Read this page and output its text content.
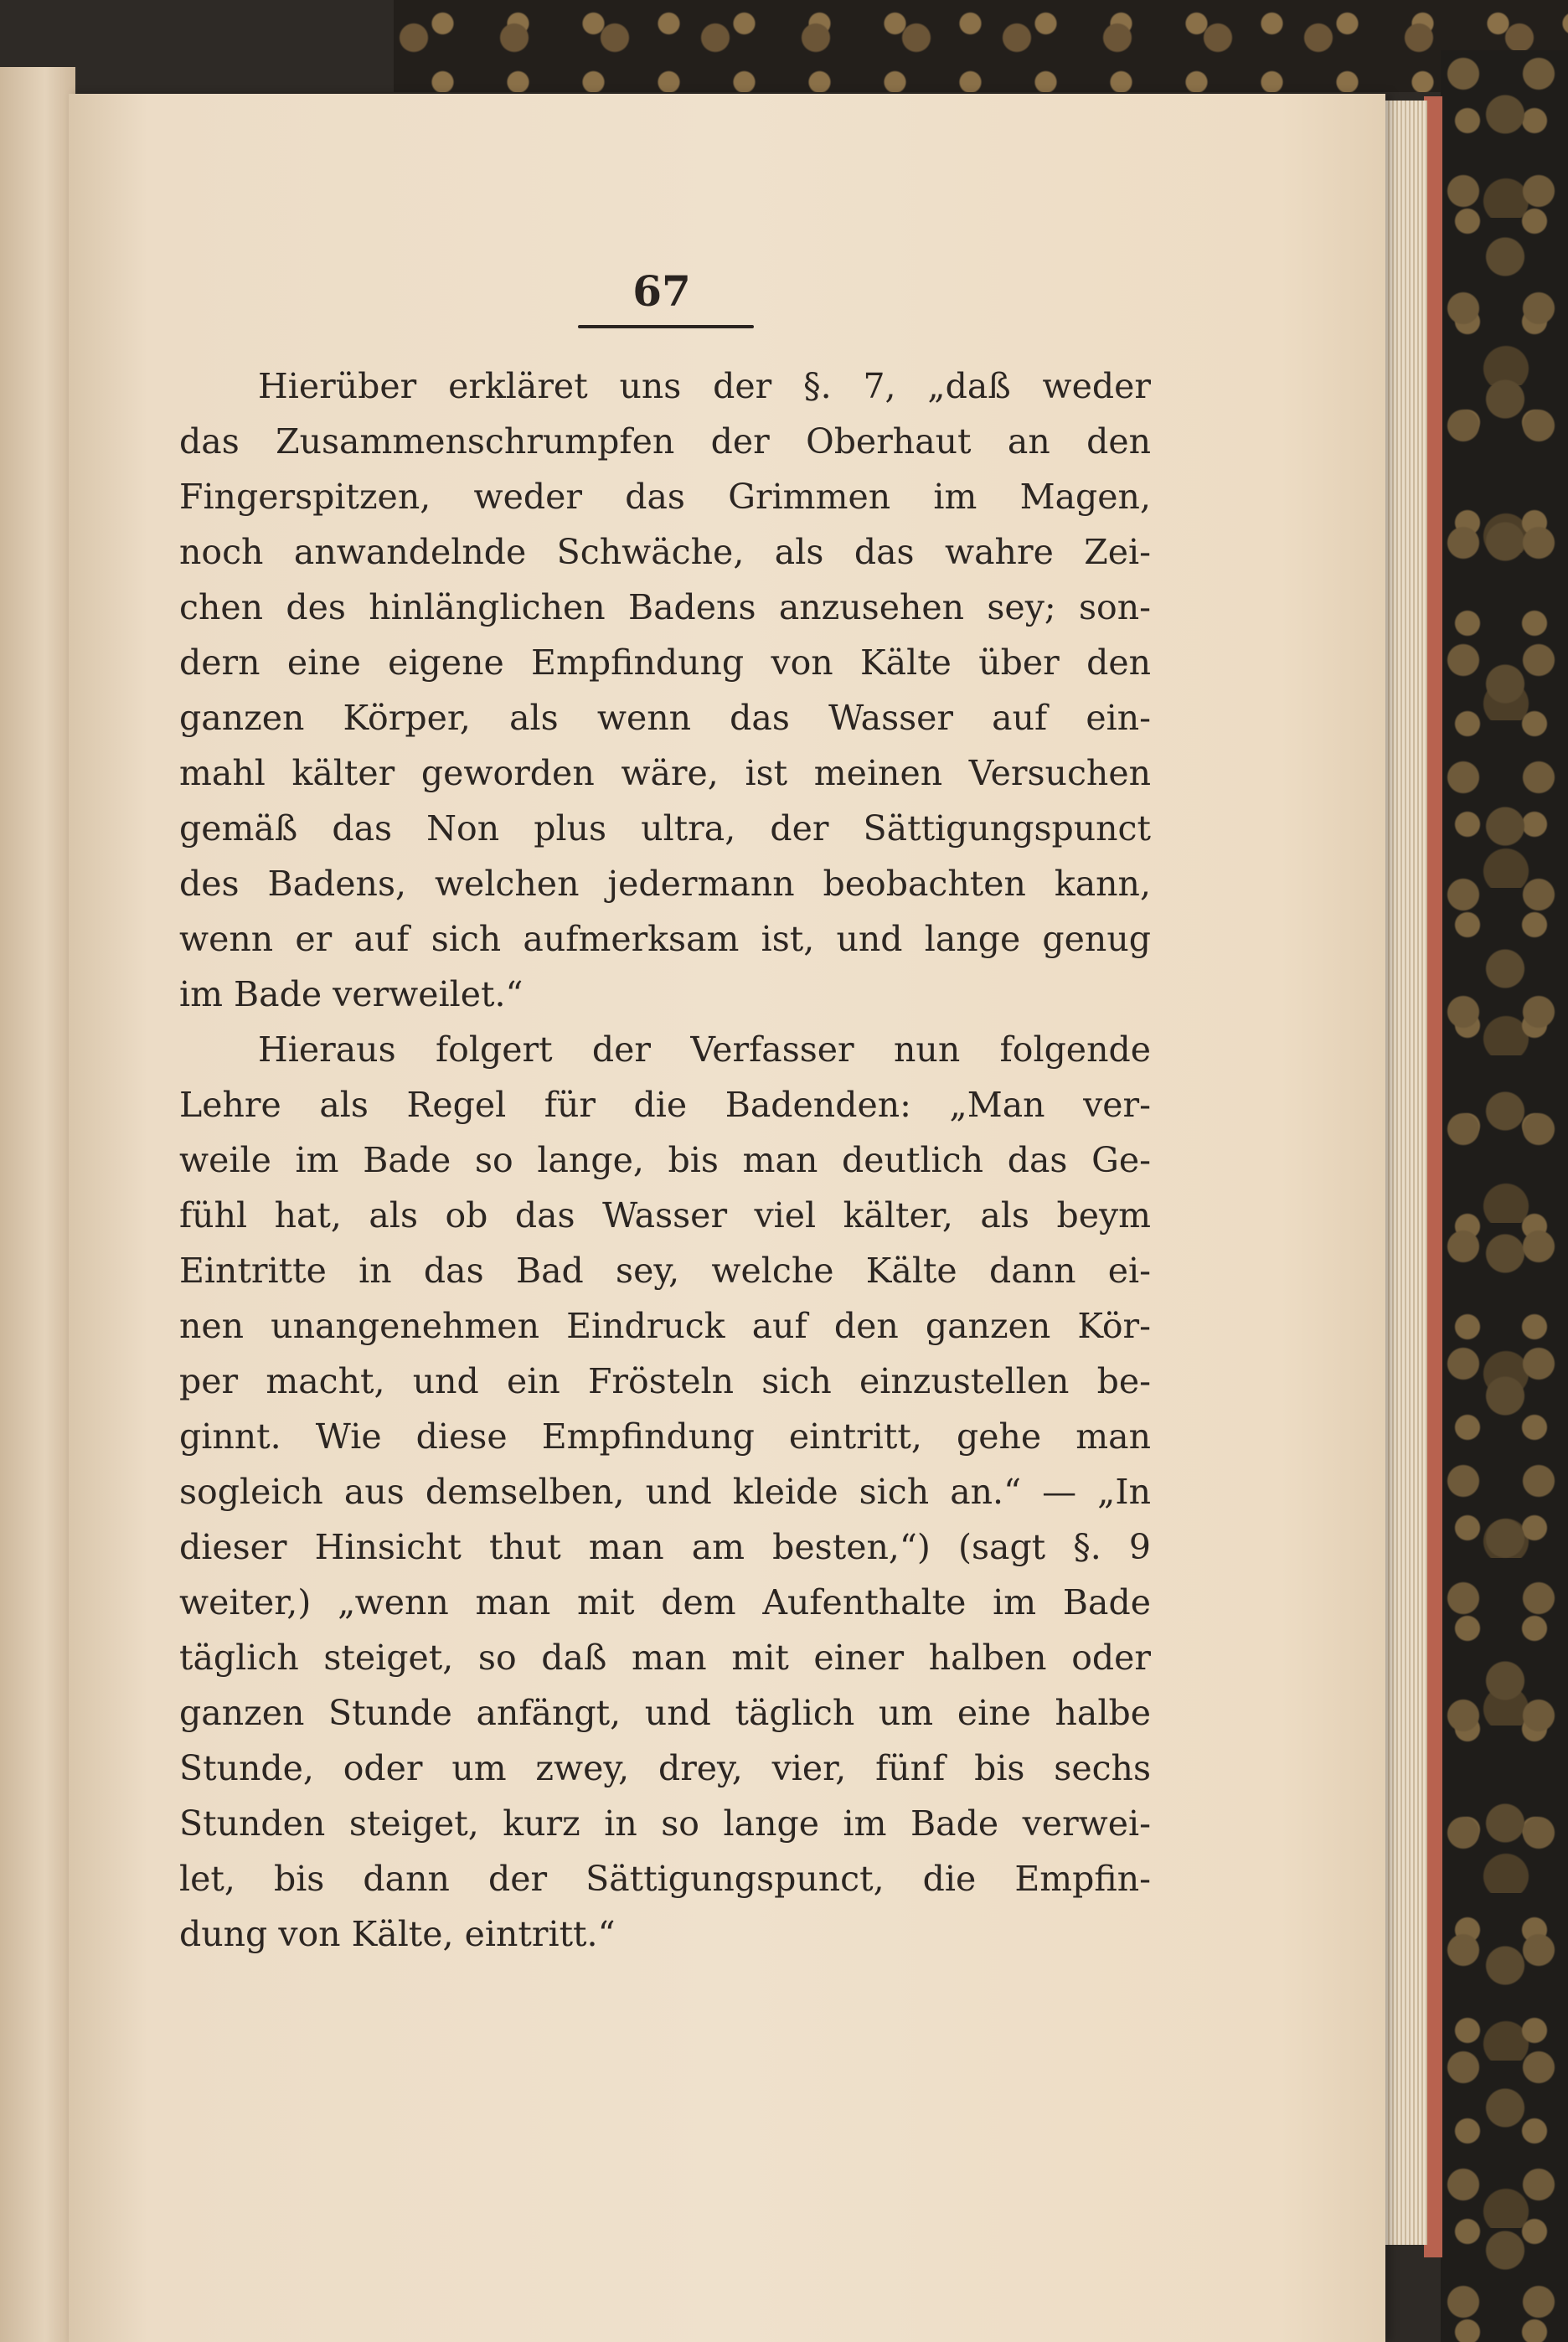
67
Hierüber erkläret uns der §. 7, „daß weder
das Zusammenschrumpfen der Oberhaut an den
Fingerspitzen, weder das Grimmen im Magen,
noch anwandelnde Schwäche, als das wahre Zei-
chen des hinlänglichen Badens anzusehen sey; son-
dern eine eigene Empfindung von Kälte über den
ganzen Körper, als wenn das Wasser auf ein-
mahl kälter geworden wäre, ist meinen Versuchen
gemäß das Non plus ultra, der Sättigungspunct
des Badens, welchen jedermann beobachten kann,
wenn er auf sich aufmerksam ist, und lange genug
im Bade verweilet.“
Hieraus folgert der Verfasser nun folgende
Lehre als Regel für die Badenden: „Man ver-
weile im Bade so lange, bis man deutlich das Ge-
fühl hat, als ob das Wasser viel kälter, als beym
Eintritte in das Bad sey, welche Kälte dann ei-
nen unangenehmen Eindruck auf den ganzen Kör-
per macht, und ein Frösteln sich einzustellen be-
ginnt. Wie diese Empfindung eintritt, gehe man
sogleich aus demselben, und kleide sich an.“ — „In
dieser Hinsicht thut man am besten,“) (sagt §. 9
weiter,) „wenn man mit dem Aufenthalte im Bade
täglich steiget, so daß man mit einer halben oder
ganzen Stunde anfängt, und täglich um eine halbe
Stunde, oder um zwey, drey, vier, fünf bis sechs
Stunden steiget, kurz in so lange im Bade verwei-
let, bis dann der Sättigungspunct, die Empfin-
dung von Kälte, eintritt.“
